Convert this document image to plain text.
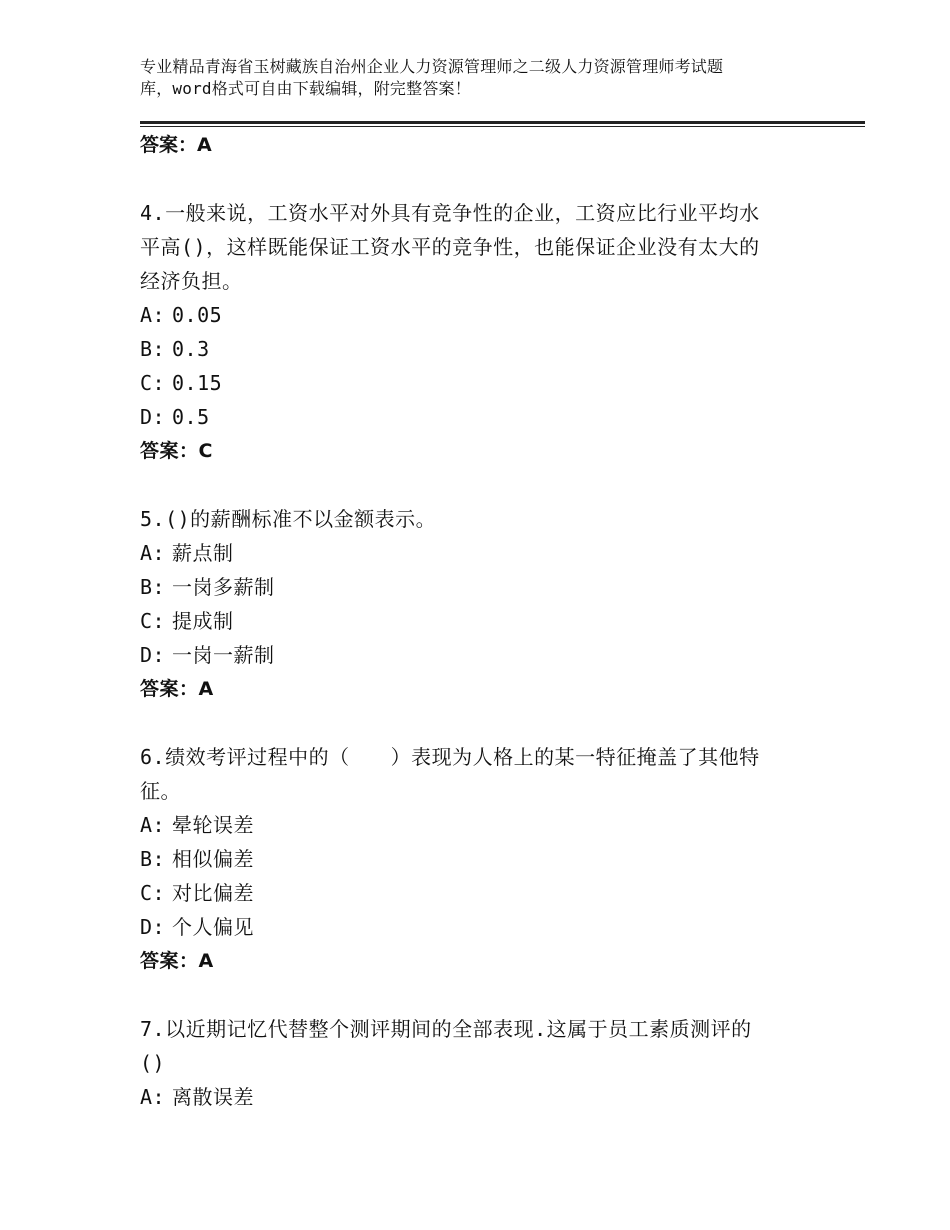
专业精品青海省玉树藏族自治州企业人力资源管理师之二级人力资源管理师考试题
库，word格式可自由下载编辑，附完整答案！
答案：A
4.一般来说，工资水平对外具有竞争性的企业，工资应比行业平均水
平高()，这样既能保证工资水平的竞争性，也能保证企业没有太大的
经济负担。
A: 0.05
B: 0.3
C: 0.15
D: 0.5
答案：C
5.()的薪酬标准不以金额表示。
A: 薪点制
B: 一岗多薪制
C: 提成制
D: 一岗一薪制
答案：A
6.绩效考评过程中的（　　）表现为人格上的某一特征掩盖了其他特
征。
A: 晕轮误差
B: 相似偏差
C: 对比偏差
D: 个人偏见
答案：A
7.以近期记忆代替整个测评期间的全部表现.这属于员工素质测评的
()
A: 离散误差
